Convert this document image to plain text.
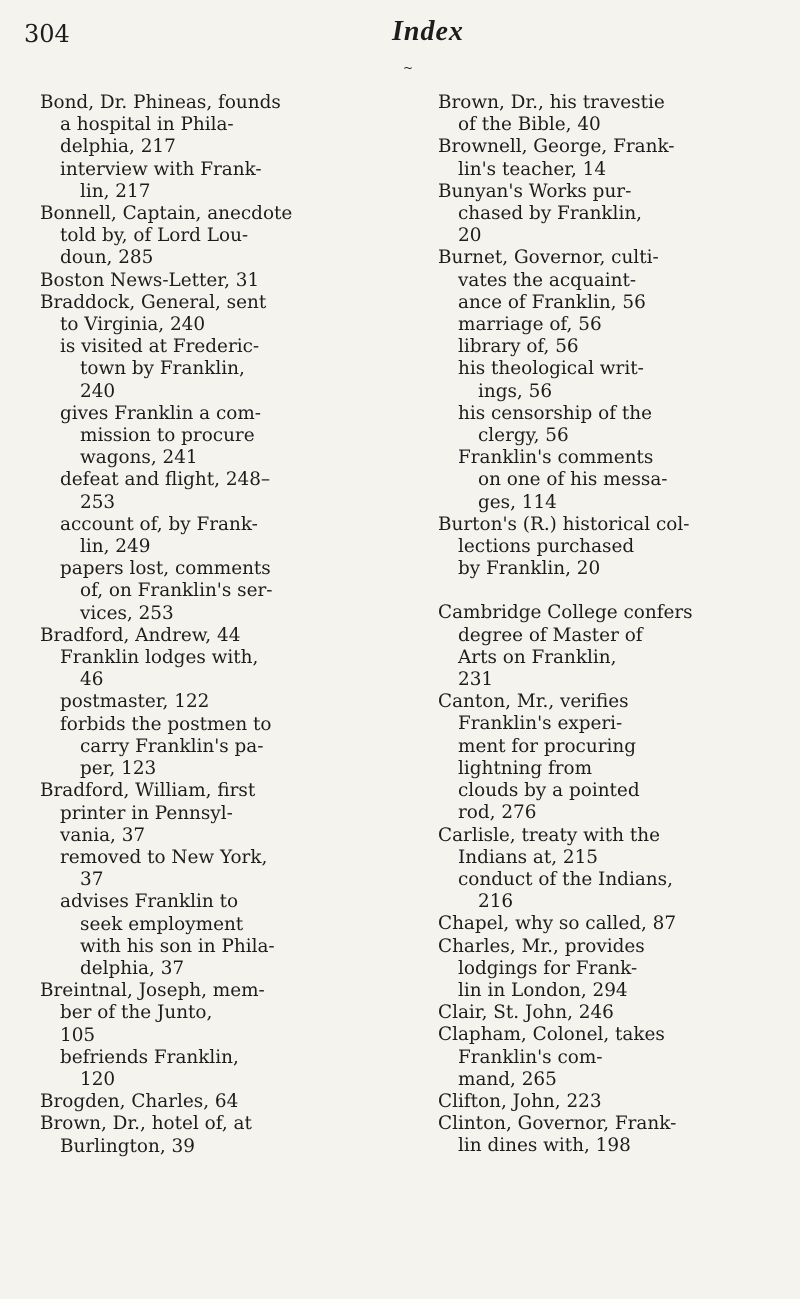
304	Index
~
Bond, Dr. Phineas, founds
a hospital in Phila-
delphia, 217
interview with Frank-
lin, 217
Bonnell, Captain, anecdote
told by, of Lord Lou-
doun, 285
Boston News-Letter, 31
Braddock, General, sent
to Virginia, 240
is visited at Frederic-
town by Franklin,
240
gives Franklin a com-
mission to procure
wagons, 241
defeat and flight, 248–
253
account of, by Frank-
lin, 249
papers lost, comments
of, on Franklin's ser-
vices, 253
Bradford, Andrew, 44
Franklin lodges with,
46
postmaster, 122
forbids the postmen to
carry Franklin's pa-
per, 123
Bradford, William, first
printer in Pennsyl-
vania, 37
removed to New York,
37
advises Franklin to
seek employment
with his son in Phila-
delphia, 37
Breintnal, Joseph, mem-
ber of the Junto,
105
befriends Franklin,
120
Brogden, Charles, 64
Brown, Dr., hotel of, at
Burlington, 39
Brown, Dr., his travestie
of the Bible, 40
Brownell, George, Frank-
lin's teacher, 14
Bunyan's Works pur-
chased by Franklin,
20
Burnet, Governor, culti-
vates the acquaint-
ance of Franklin, 56
marriage of, 56
library of, 56
his theological writ-
ings, 56
his censorship of the
clergy, 56
Franklin's comments
on one of his messa-
ges, 114
Burton's (R.) historical col-
lections purchased
by Franklin, 20
Cambridge College confers
degree of Master of
Arts on Franklin,
231
Canton, Mr., verifies
Franklin's experi-
ment for procuring
lightning from
clouds by a pointed
rod, 276
Carlisle, treaty with the
Indians at, 215
conduct of the Indians,
216
Chapel, why so called, 87
Charles, Mr., provides
lodgings for Frank-
lin in London, 294
Clair, St. John, 246
Clapham, Colonel, takes
Franklin's com-
mand, 265
Clifton, John, 223
Clinton, Governor, Frank-
lin dines with, 198
